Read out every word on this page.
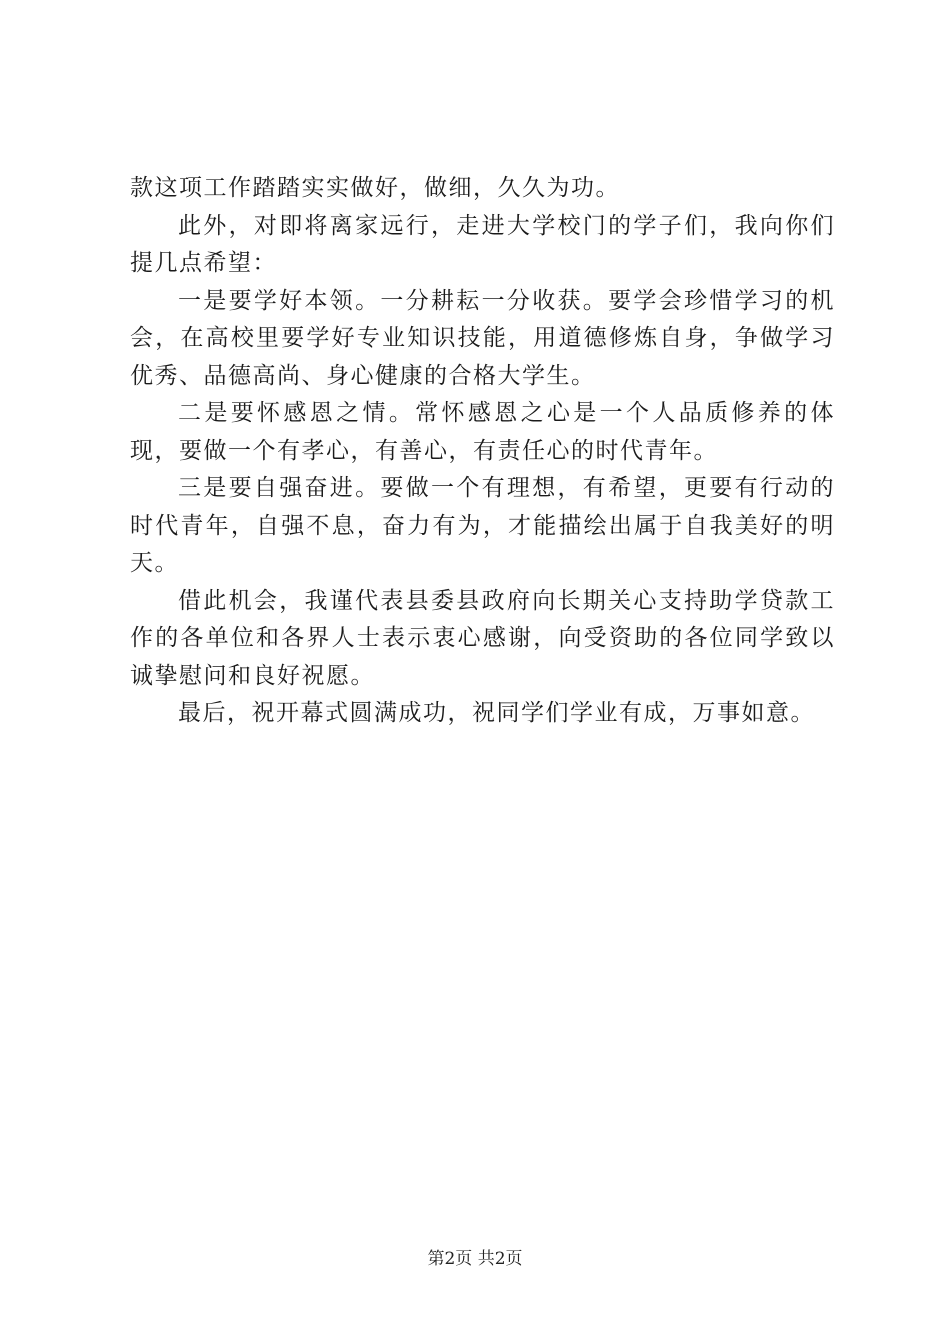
款这项工作踏踏实实做好，做细，久久为功。

此外，对即将离家远行，走进大学校门的学子们，我向你们提几点希望：

一是要学好本领。一分耕耘一分收获。要学会珍惜学习的机会，在高校里要学好专业知识技能，用道德修炼自身，争做学习优秀、品德高尚、身心健康的合格大学生。

二是要怀感恩之情。常怀感恩之心是一个人品质修养的体现，要做一个有孝心，有善心，有责任心的时代青年。

三是要自强奋进。要做一个有理想，有希望，更要有行动的时代青年，自强不息，奋力有为，才能描绘出属于自我美好的明天。

借此机会，我谨代表县委县政府向长期关心支持助学贷款工作的各单位和各界人士表示衷心感谢，向受资助的各位同学致以诚挚慰问和良好祝愿。

最后，祝开幕式圆满成功，祝同学们学业有成，万事如意。

第2页 共2页
